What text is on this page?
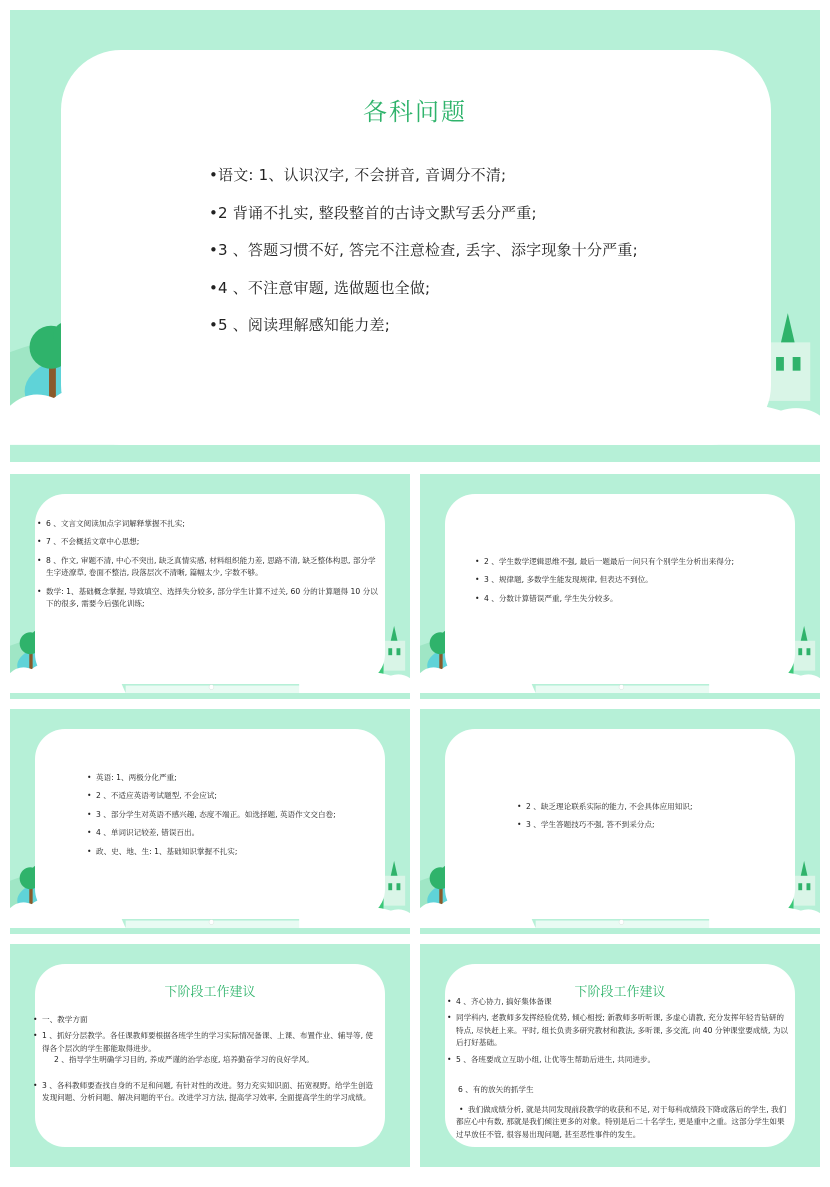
各科问题
• 语文: 1、认识汉字, 不会拼音, 音调分不清;
• 2 背诵不扎实, 整段整首的古诗文默写丢分严重;
• 3 、答题习惯不好, 答完不注意检查, 丢字、添字现象十分严重;
• 4 、不注意审题, 选做题也全做;
• 5 、阅读理解感知能力差;
• 6 、文言文阅读加点字词解释掌握不扎实;
• 7 、不会概括文章中心思想;
• 8 、作文, 审题不清, 中心不突出, 缺乏真情实感, 材料组织能力差, 思路不清, 缺乏整体构思, 部分学生字迹潦草, 卷面不整洁, 段落层次不清晰, 篇幅太少, 字数不够。
• 数学: 1、基础概念掌握, 导致填空、选择失分较多, 部分学生计算不过关, 60 分的计算题得 10 分以下的很多, 需要今后强化训练;
• 2 、学生数学逻辑思维不强, 最后一题最后一问只有个别学生分析出来得分;
• 3 、规律题, 多数学生能发现规律, 但表达不到位。
• 4 、分数计算错误严重, 学生失分较多。
• 英语: 1、两极分化严重;
• 2 、不适应英语考试题型, 不会应试;
• 3 、部分学生对英语不感兴趣, 态度不端正。如选择题, 英语作文交白卷;
• 4 、单词识记较差, 错误百出。
• 政、史、地、生: 1、基础知识掌握不扎实;
• 2 、缺乏理论联系实际的能力, 不会具体应用知识;
• 3 、学生答题技巧不强, 答不到采分点;
下阶段工作建议
• 一、教学方面
• 1 、抓好分层教学。各任课教师要根据各班学生的学习实际情况备课、上课、布置作业、辅导等, 使得各个层次的学生都能取得进步。
2 、指导学生明确学习目的, 养成严谨的治学态度, 培养勤奋学习的良好学风。
• 3 、各科教师要查找自身的不足和问题, 有针对性的改进。努力充实知识面、拓宽视野。给学生创造发现问题、分析问题、解决问题的平台。改进学习方法, 提高学习效率, 全面提高学生的学习成绩。
下阶段工作建议
• 4 、齐心协力, 搞好集体备课
• 同学科内, 老教师多发挥经验优势, 倾心相授; 新教师多听听课, 多虚心请教, 充分发挥年轻肯钻研的特点, 尽快赶上来。平时, 组长负责多研究教材和教法, 多听课, 多交流, 向 40 分钟课堂要成绩, 为以后打好基础。
• 5 、各班要成立互助小组, 让优等生帮助后进生, 共同进步。
6 、有的放矢的抓学生
• 我们做成绩分析, 就是共同发现前段教学的收获和不足, 对于每科成绩段下降或落后的学生, 我们都应心中有数, 那就是我们倾注更多的对象。特别是后二十名学生, 更是重中之重。这部分学生如果过早放任不管, 很容易出现问题, 甚至恶性事件的发生。
